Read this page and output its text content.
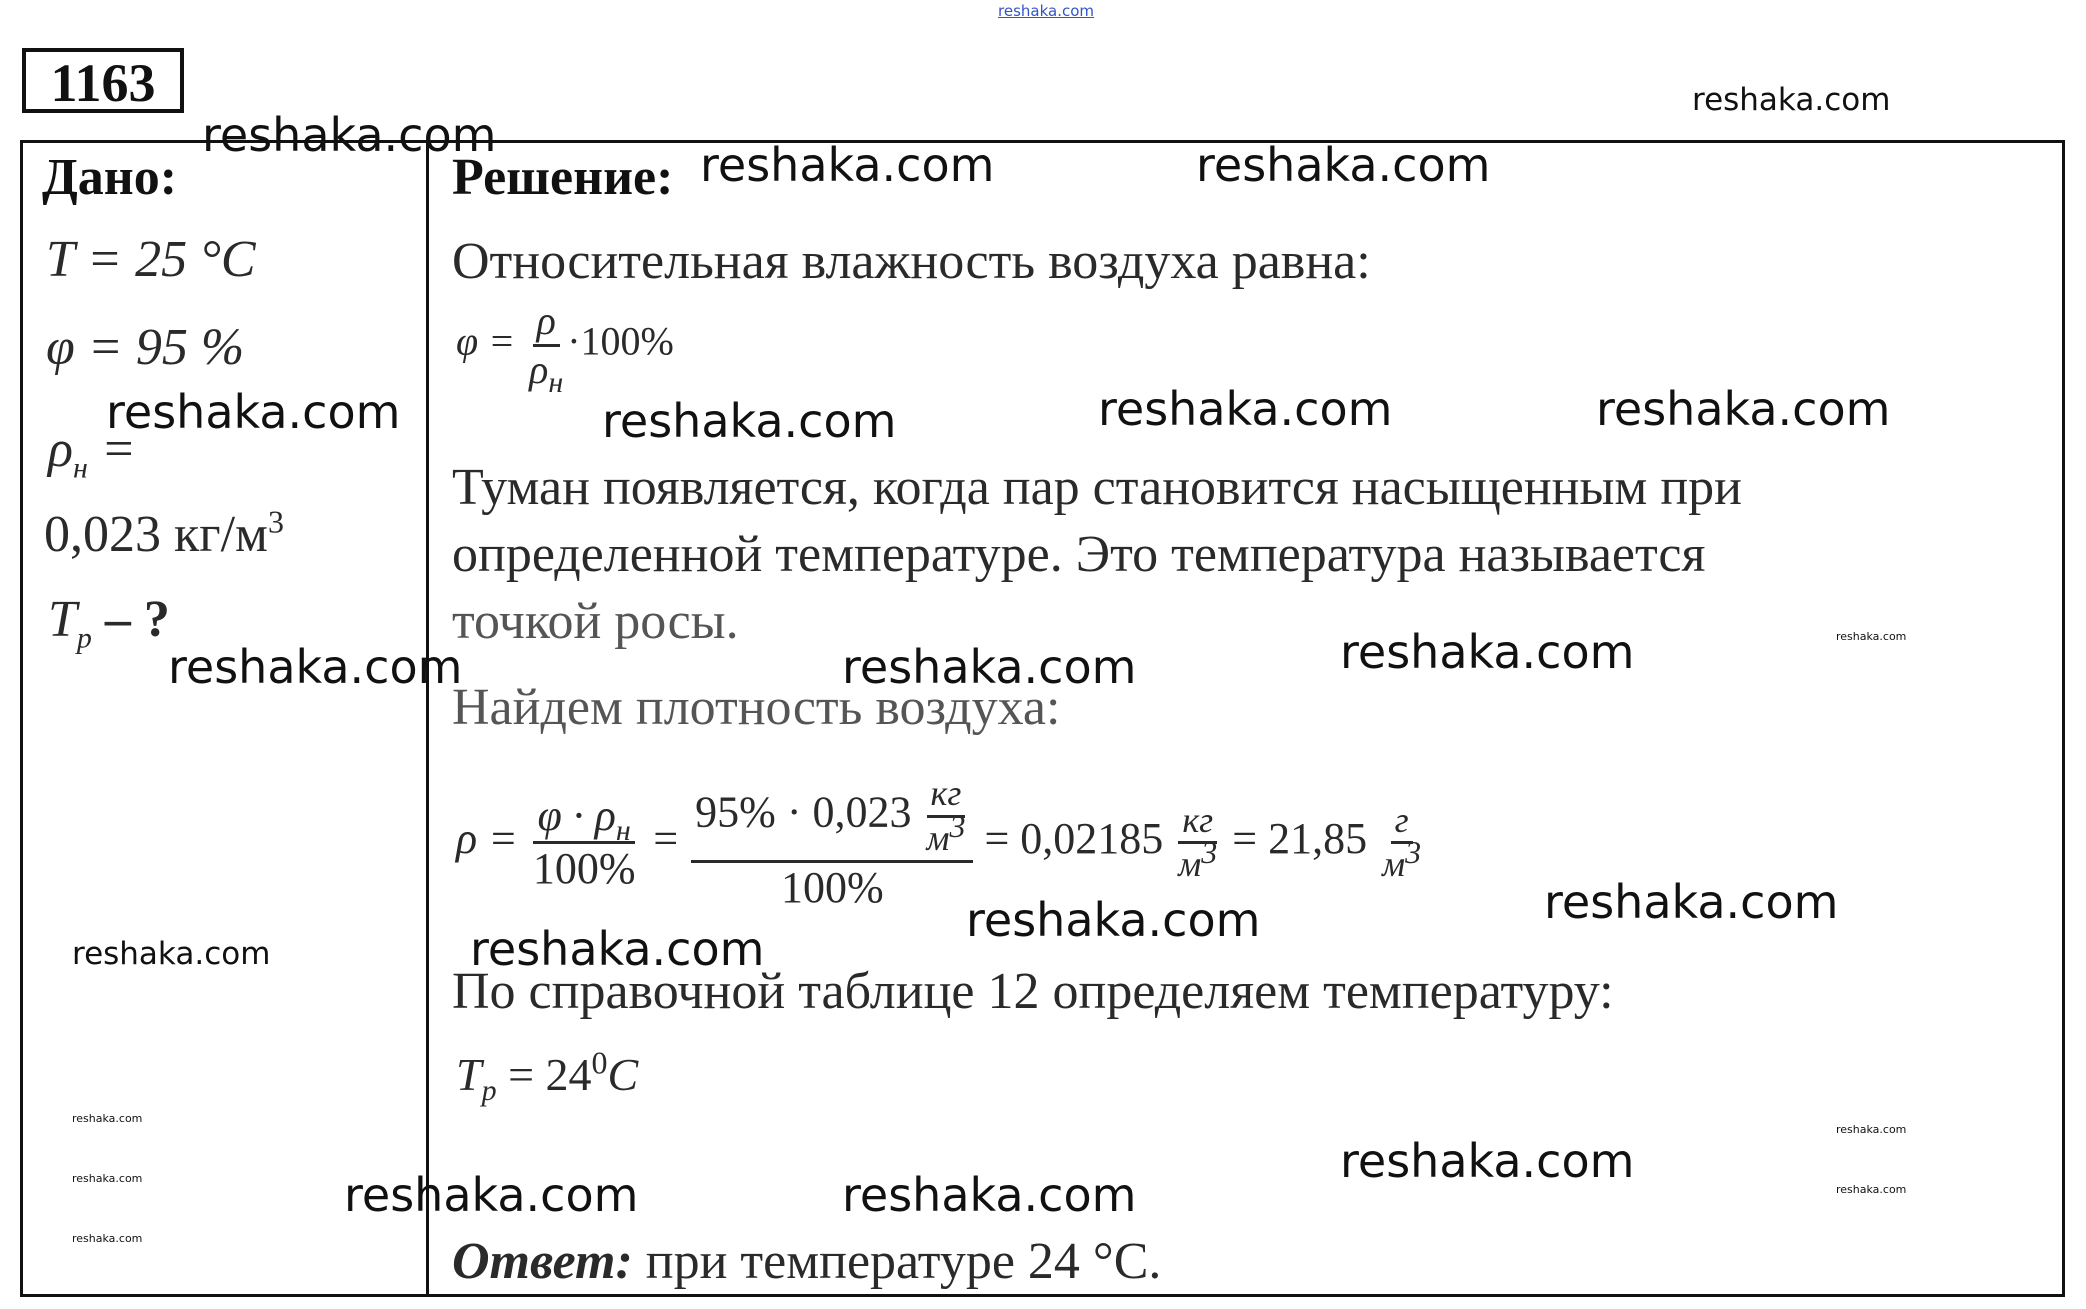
reshaka.com
1163
Дано:
T = 25 °C
φ = 95 %
$\rho_н$ =
0,023 $кг/м^3$
$T_р$ – ?
Решение:
Относительная влажность воздуха равна:
$\varphi = \frac{\rho}{\rho_н} \cdot 100\%$
Туман появляется, когда пар становится насыщенным при
определенной температуре. Это температура называется
точкой росы.
Найдем плотность воздуха:
$\rho = \frac{\varphi \cdot \rho_н}{100\%} = \frac{95\% \cdot 0,023 \frac{кг}{м3}}{100\%} = 0,02185 \frac{кг}{м3} = 21,85 \frac{г}{м3}$
По справочной таблице 12 определяем температуру:
$T_р = 24^0C$
Ответ: при температуре 24 °C.
reshaka.com
reshaka.com
reshaka.com	reshaka.com
reshaka.com	reshaka.com	reshaka.com	reshaka.com
reshaka.com
reshaka.com
reshaka.com	reshaka.com
reshaka.com
reshaka.com
reshaka.com	reshaka.com
reshaka.com
reshaka.com
reshaka.com
reshaka.com
reshaka.com
reshaka.com	reshaka.com
reshaka.com
